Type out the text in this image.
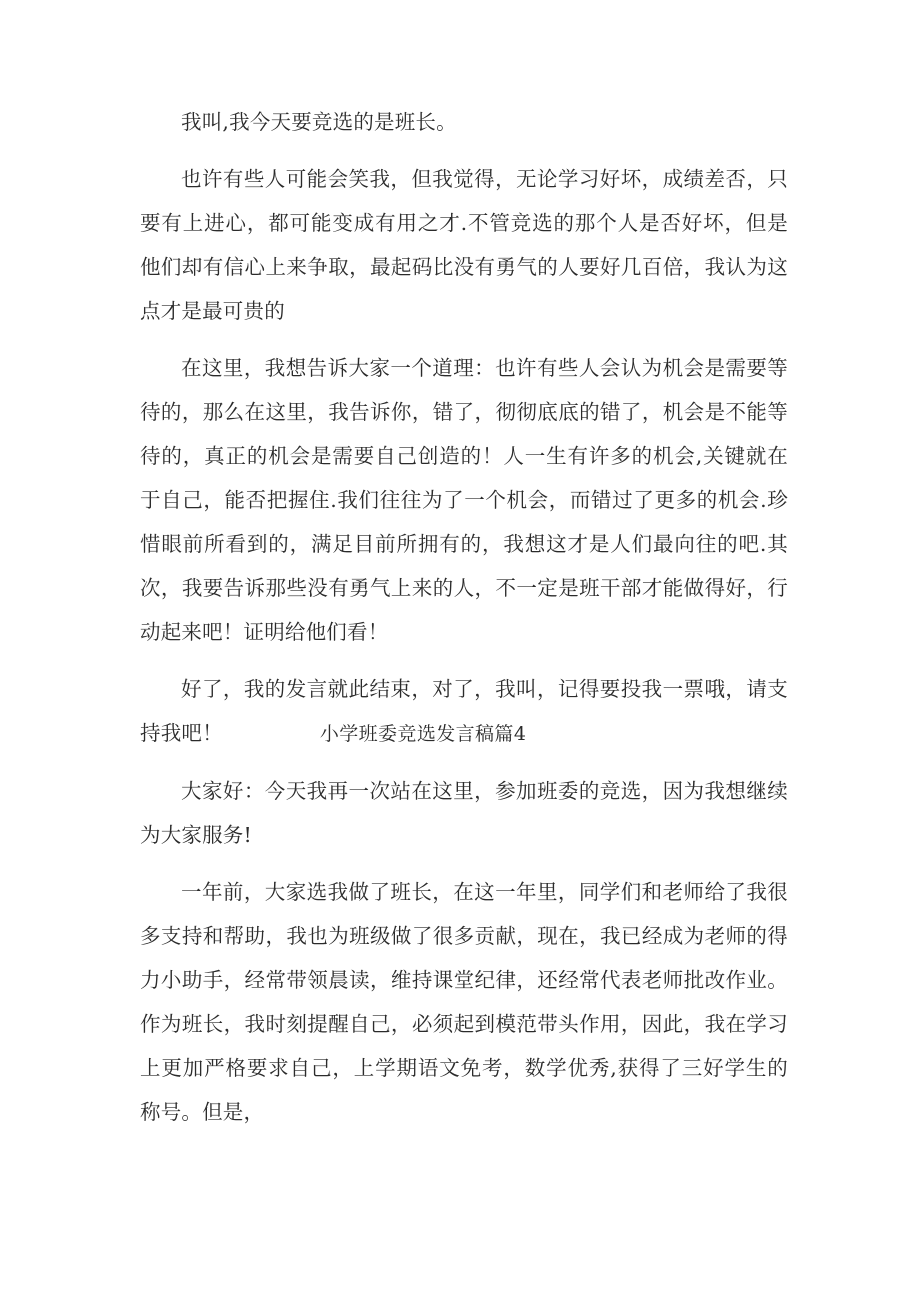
我叫,我今天要竞选的是班长。

也许有些人可能会笑我，但我觉得，无论学习好坏，成绩差否，只要有上进心，都可能变成有用之才.不管竞选的那个人是否好坏，但是他们却有信心上来争取，最起码比没有勇气的人要好几百倍，我认为这点才是最可贵的

在这里，我想告诉大家一个道理：也许有些人会认为机会是需要等待的，那么在这里，我告诉你，错了，彻彻底底的错了，机会是不能等待的，真正的机会是需要自己创造的！人一生有许多的机会,关键就在于自己，能否把握住.我们往往为了一个机会，而错过了更多的机会.珍惜眼前所看到的，满足目前所拥有的，我想这才是人们最向往的吧.其次，我要告诉那些没有勇气上来的人，不一定是班干部才能做得好，行动起来吧！证明给他们看！

好了，我的发言就此结束，对了，我叫，记得要投我一票哦，请支持我吧！　　　　　小学班委竞选发言稿篇4

大家好：今天我再一次站在这里，参加班委的竞选，因为我想继续为大家服务!

一年前，大家选我做了班长，在这一年里，同学们和老师给了我很多支持和帮助，我也为班级做了很多贡献，现在，我已经成为老师的得力小助手，经常带领晨读，维持课堂纪律，还经常代表老师批改作业。作为班长，我时刻提醒自己，必须起到模范带头作用，因此，我在学习上更加严格要求自己，上学期语文免考，数学优秀,获得了三好学生的称号。但是，
